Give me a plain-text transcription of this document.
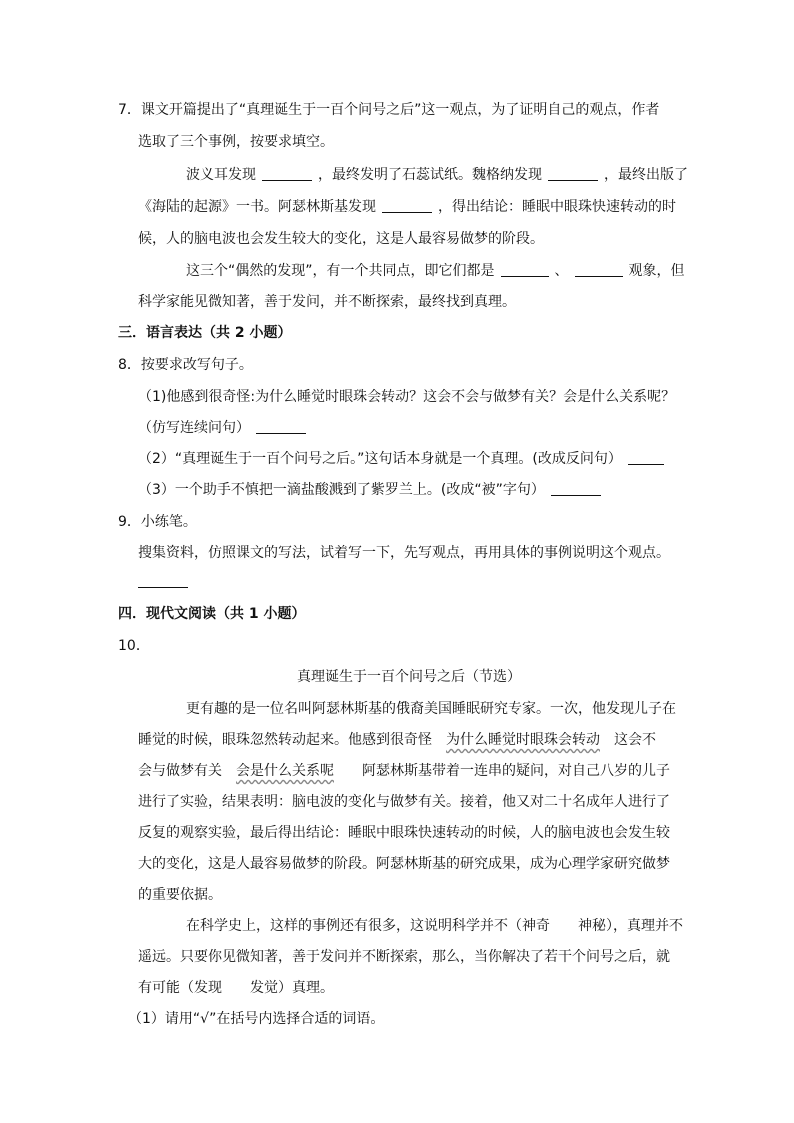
7．课文开篇提出了“真理诞生于一百个问号之后”这一观点，为了证明自己的观点，作者
选取了三个事例，按要求填空。
波义耳发现	，最终发明了石蕊试纸。魏格纳发现	，最终出版了
《海陆的起源》一书。阿瑟林斯基发现	，得出结论：睡眠中眼珠快速转动的时
候，人的脑电波也会发生较大的变化，这是人最容易做梦的阶段。
这三个“偶然的发现”，有一个共同点，即它们都是	、	观象，但
科学家能见微知著，善于发问，并不断探索，最终找到真理。
三．语言表达（共 2 小题）
8．按要求改写句子。
（1)他感到很奇怪:为什么睡觉时眼珠会转动？这会不会与做梦有关？会是什么关系呢？
（仿写连续问句）
（2）“真理诞生于一百个问号之后。”这句话本身就是一个真理。(改成反问句）
（3）一个助手不慎把一滴盐酸溅到了紫罗兰上。(改成“被”字句）
9．小练笔。
搜集资料，仿照课文的写法，试着写一下，先写观点，再用具体的事例说明这个观点。
四．现代文阅读（共 1 小题）
10．
真理诞生于一百个问号之后（节选）
更有趣的是一位名叫阿瑟林斯基的俄裔美国睡眠研究专家。一次，他发现儿子在
睡觉的时候，眼珠忽然转动起来。他感到很奇怪 为什么睡觉时眼珠会转动 这会不
会与做梦有关 会是什么关系呢 阿瑟林斯基带着一连串的疑问，对自己八岁的儿子
进行了实验，结果表明：脑电波的变化与做梦有关。接着，他又对二十名成年人进行了
反复的观察实验，最后得出结论：睡眠中眼珠快速转动的时候，人的脑电波也会发生较
大的变化，这是人最容易做梦的阶段。阿瑟林斯基的研究成果，成为心理学家研究做梦
的重要依据。
在科学史上，这样的事例还有很多，这说明科学并不（神奇 神秘），真理并不
遥远。只要你见微知著，善于发问并不断探索，那么，当你解决了若干个问号之后，就
有可能（发现 发觉）真理。
（1）请用“√”在括号内选择合适的词语。
